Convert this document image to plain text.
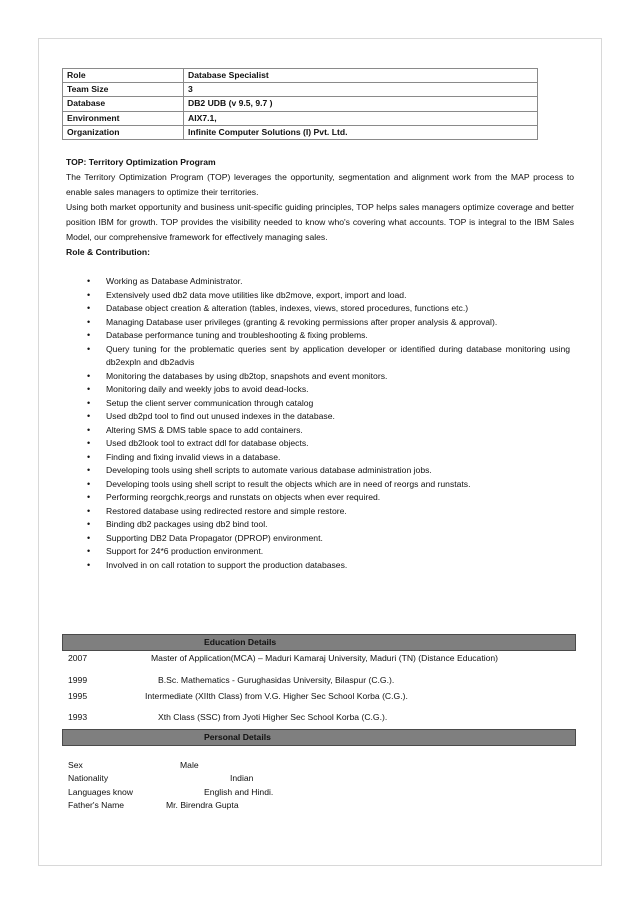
Role	Database Specialist
Team Size	3
Database	DB2 UDB (v 9.5, 9.7 )
Environment	AIX7.1,
Organization	Infinite Computer Solutions (I) Pvt. Ltd.
TOP: Territory Optimization Program

The Territory Optimization Program (TOP) leverages the opportunity, segmentation and alignment work from the MAP process to enable sales managers to optimize their territories.

Using both market opportunity and business unit-specific guiding principles, TOP helps sales managers optimize coverage and better position IBM for growth. TOP provides the visibility needed to know who's covering what accounts. TOP is integral to the IBM Sales Model, our comprehensive framework for effectively managing sales.

Role & Contribution:
• Working as Database Administrator.
• Extensively used db2 data move utilities like db2move, export, import and load.
• Database object creation & alteration (tables, indexes, views, stored procedures, functions etc.)
• Managing Database user privileges (granting & revoking permissions after proper analysis & approval).
• Database performance tuning and troubleshooting & fixing problems.
• Query tuning for the problematic queries sent by application developer or identified during database monitoring using db2expln and db2advis
• Monitoring the databases by using db2top, snapshots and event monitors.
• Monitoring daily and weekly jobs to avoid dead-locks.
• Setup the client server communication through catalog
• Used db2pd tool to find out unused indexes in the database.
• Altering SMS & DMS table space to add containers.
• Used db2look tool to extract ddl for database objects.
• Finding and fixing invalid views in a database.
• Developing tools using shell scripts to automate various database administration jobs.
• Developing tools using shell script to result the objects which are in need of reorgs and runstats.
• Performing reorgchk,reorgs and runstats on objects when ever required.
• Restored database using redirected restore and simple restore.
• Binding db2 packages using db2 bind tool.
• Supporting DB2 Data Propagator (DPROP) environment.
• Support for 24*6 production environment.
• Involved in on call rotation to support the production databases.
Education Details
2007	Master of Application(MCA) – Maduri Kamaraj University, Maduri (TN) (Distance Education)
1999	B.Sc. Mathematics - Gurughasidas University, Bilaspur (C.G.).
1995	Intermediate (XIIth Class) from V.G. Higher Sec School Korba (C.G.).
1993	Xth Class (SSC) from Jyoti Higher Sec School Korba (C.G.).
Personal Details
Sex	Male
Nationality	Indian
Languages know	English and Hindi.
Father's Name	Mr. Birendra Gupta
